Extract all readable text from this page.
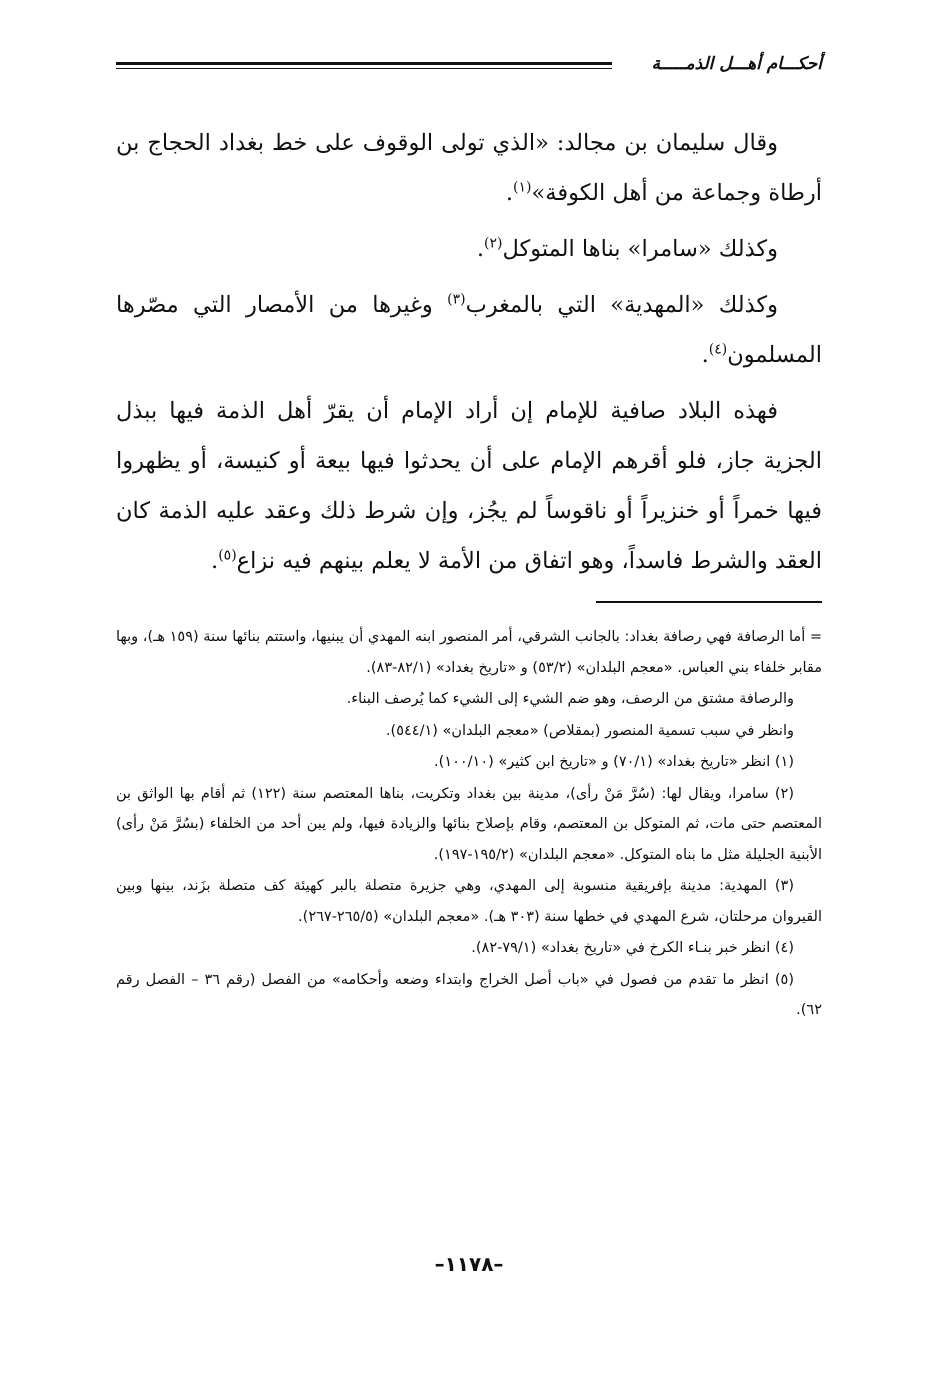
أحكـــام أهـــل الذمـــــة

وقال سليمان بن مجالد: «الذي تولى الوقوف على خط بغداد الحجاج بن أرطاة وجماعة من أهل الكوفة»$^{(١)}$.

وكذلك «سامرا» بناها المتوكل$^{(٢)}$.

وكذلك «المهدية» التي بالمغرب$^{(٣)}$ وغيرها من الأمصار التي مصّرها المسلمون$^{(٤)}$.

فهذه البلاد صافية للإمام إن أراد الإمام أن يقرّ أهل الذمة فيها ببذل الجزية جاز، فلو أقرهم الإمام على أن يحدثوا فيها بيعة أو كنيسة، أو يظهروا فيها خمراً أو خنزيراً أو ناقوساً لم يجُز، وإن شرط ذلك وعقد عليه الذمة كان العقد والشرط فاسداً، وهو اتفاق من الأمة لا يعلم بينهم فيه نزاع$^{(٥)}$.

= أما الرصافة فهي رصافة بغداد: بالجانب الشرقي، أمر المنصور ابنه المهدي أن يبنيها، واستتم بنائها سنة (١٥٩ هـ)، وبها مقابر خلفاء بني العباس. «معجم البلدان» (٥٣/٢) و «تاريخ بغداد» (٨٢/١-٨٣).

والرصافة مشتق من الرصف، وهو ضم الشيء إلى الشيء كما يُرصف البناء.

وانظر في سبب تسمية المنصور (بمقلاص) «معجم البلدان» (٥٤٤/١).

(١) انظر «تاريخ بغداد» (٧٠/١) و «تاريخ ابن كثير» (١٠٠/١٠).

(٢) سامرا، ويقال لها: (سُرَّ مَنْ رأى)، مدينة بين بغداد وتكريت، بناها المعتصم سنة (١٢٢) ثم أقام بها الواثق بن المعتصم حتى مات، ثم المتوكل بن المعتصم، وقام بإصلاح بنائها والزيادة فيها، ولم يبن أحد من الخلفاء (بسُرَّ مَنْ رأى) الأبنية الجليلة مثل ما بناه المتوكل. «معجم البلدان» (١٩٥/٢-١٩٧).

(٣) المهدية: مدينة بإفريقية منسوبة إلى المهدي، وهي جزيرة متصلة بالبر كهيئة كف متصلة بزَند، بينها وبين القيروان مرحلتان، شرع المهدي في خطها سنة (٣٠٣ هـ). «معجم البلدان» (٢٦٥/٥-٢٦٧).

(٤) انظر خبر بنـاء الكرخ في «تاريخ بغداد» (٧٩/١-٨٢).

(٥) انظر ما تقدم من فصول في «باب أصل الخراج وابتداء وضعه وأحكامه» من الفصل (رقم ٣٦ – الفصل رقم ٦٢).

–١١٧٨–
